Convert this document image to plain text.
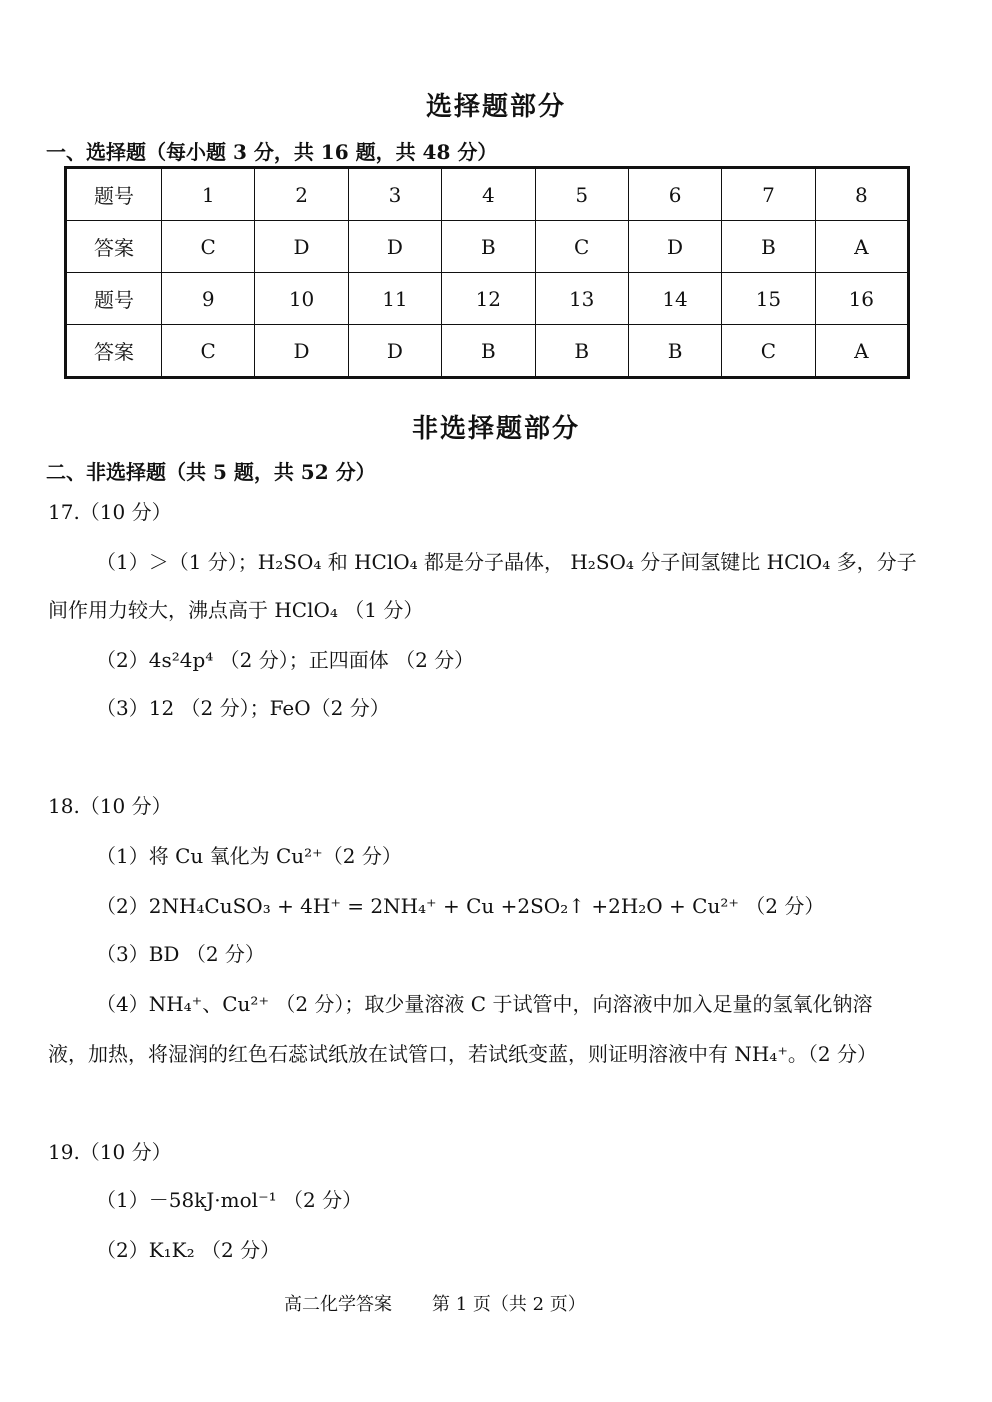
选择题部分
一、选择题（每小题 3 分，共 16 题，共 48 分）
题号	1	2	3	4	5	6	7	8
答案	C	D	D	B	C	D	B	A
题号	9	10	11	12	13	14	15	16
答案	C	D	D	B	B	B	C	A
非选择题部分
二、非选择题（共 5 题，共 52 分）
17.（10 分）
（1）＞（1 分）；H₂SO₄ 和 HClO₄ 都是分子晶体， H₂SO₄ 分子间氢键比 HClO₄ 多，分子
间作用力较大，沸点高于 HClO₄ （1 分）
（2）4s²4p⁴ （2 分）；正四面体 （2 分）
（3）12 （2 分）；FeO（2 分）
18.（10 分）
（1）将 Cu 氧化为 Cu²⁺（2 分）
（2）2NH₄CuSO₃ + 4H⁺ = 2NH₄⁺ + Cu +2SO₂↑ +2H₂O + Cu²⁺ （2 分）
（3）BD （2 分）
（4）NH₄⁺、Cu²⁺ （2 分）；取少量溶液 C 于试管中，向溶液中加入足量的氢氧化钠溶
液，加热，将湿润的红色石蕊试纸放在试管口，若试纸变蓝，则证明溶液中有 NH₄⁺。（2 分）
19.（10 分）
（1）－58kJ·mol⁻¹ （2 分）
（2）K₁K₂ （2 分）
高二化学答案 第 1 页（共 2 页）
